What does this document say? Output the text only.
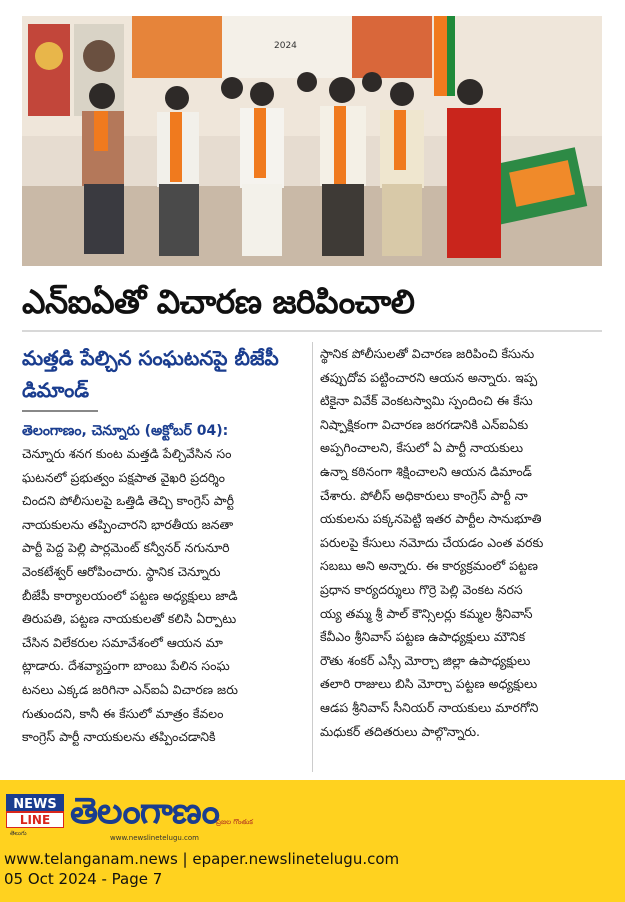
2024
ఎన్ఐఏతో విచారణ జరిపించాలి
మత్తడి పేల్చిన సంఘటనపై బీజేపీ
డిమాండ్
తెలంగాణం, చెన్నూరు (అక్టోబర్ 04):
చెన్నూరు శనగ కుంట మత్తడి పేల్చివేసిన సం
ఘటనలో ప్రభుత్వం పక్షపాత వైఖరి ప్రదర్శిం
చిందని పోలీసులపై ఒత్తిడి తెచ్చి కాంగ్రెస్ పార్టీ
నాయకులను తప్పించారని భారతీయ జనతా
పార్టీ పెద్ద పెల్లి పార్లమెంట్ కన్వీనర్ నగునూరి
వెంకటేశ్వర్ ఆరోపించారు. స్థానిక చెన్నూరు
బీజేపీ కార్యాలయంలో పట్టణ అధ్యక్షులు జాడి
తిరుపతి, పట్టణ నాయకులతో కలిసి ఏర్పాటు
చేసిన విలేకరుల సమావేశంలో ఆయన మా
ట్లాడారు. దేశవ్యాప్తంగా బాంబు పేలిన సంఘ
టనలు ఎక్కడ జరిగినా ఎన్ఐఏ విచారణ జరు
గుతుందని, కానీ ఈ కేసులో మాత్రం కేవలం
కాంగ్రెస్ పార్టీ నాయకులను తప్పించడానికి
స్థానిక పోలీసులతో విచారణ జరిపించి కేసును
తప్పుదోవ పట్టించారని ఆయన అన్నారు. ఇప్ప
టికైనా వివేక్ వెంకటస్వామి స్పందించి ఈ కేసు
నిష్పాక్షికంగా విచారణ జరగడానికి ఎన్ఐఏకు
అప్పగించాలని, కేసులో ఏ పార్టీ నాయకులు
ఉన్నా కఠినంగా శిక్షించాలని ఆయన డిమాండ్
చేశారు. పోలీస్ అధికారులు కాంగ్రెస్ పార్టీ నా
యకులను పక్కనపెట్టి ఇతర పార్టీల సానుభూతి
పరులపై కేసులు నమోదు చేయడం ఎంత వరకు
సబబు అని అన్నారు. ఈ కార్యక్రమంలో పట్టణ
ప్రధాన కార్యదర్శులు గొర్రె పెల్లి వెంకట నరస
య్య తమ్మ శ్రీ పాల్ కౌన్సిలర్లు కమ్మల శ్రీనివాస్
కేవీఎం శ్రీనివాస్ పట్టణ ఉపాధ్యక్షులు మౌనిక
రౌతు శంకర్ ఎస్సీ మోర్చా జిల్లా ఉపాధ్యక్షులు
తలారి రాజులు బిసి మోర్చా పట్టణ అధ్యక్షులు
ఆడప శ్రీనివాస్ సీనియర్ నాయకులు మారగోని
మధుకర్ తదితరులు పాల్గొన్నారు.
NEWS
LINE
తెలుగు
తెలంగాణం
ప్రజల గొంతుక
www.newslinetelugu.com
www.telanganam.news | epaper.newslinetelugu.com
05 Oct 2024 - Page 7
